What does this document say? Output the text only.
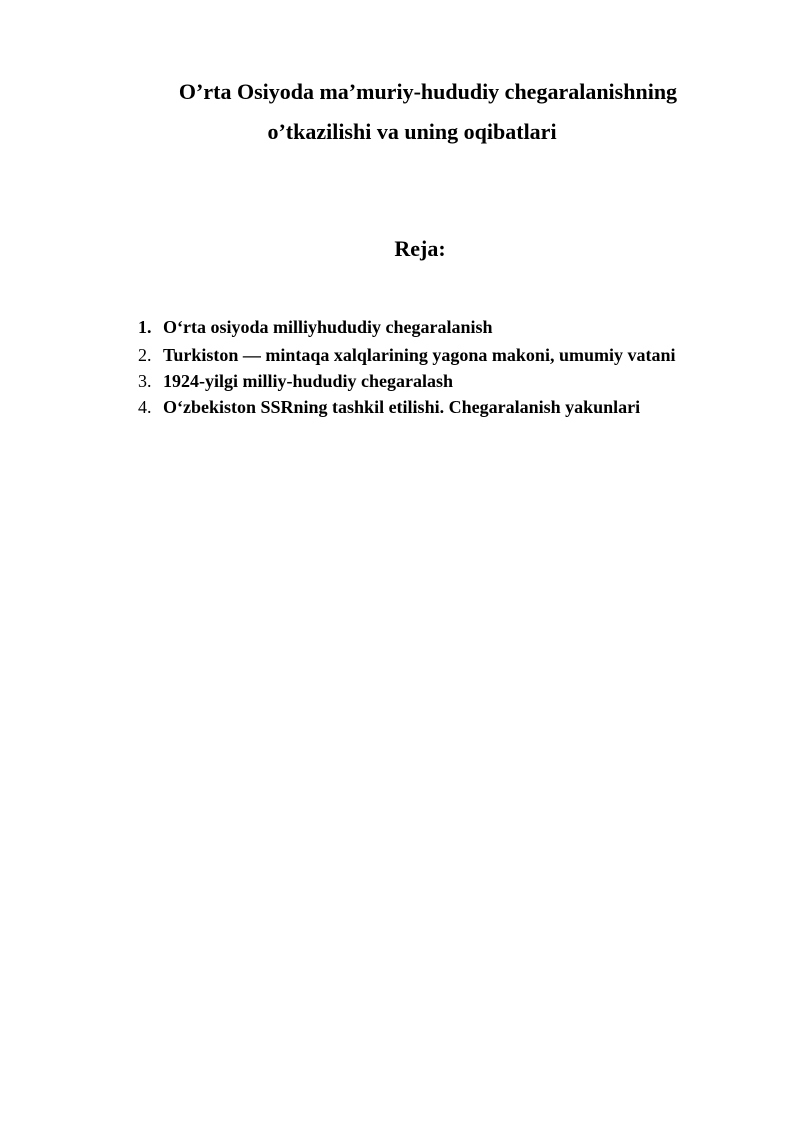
O’rta Osiyoda ma’muriy-hududiy chegaralanishning
o’tkazilishi va uning oqibatlari
Reja:
1. O‘rta osiyoda milliyhududiy chegaralanish
2. Turkiston — mintaqa xalqlarining yagona makoni, umumiy vatani
3. 1924-yilgi milliy-hududiy chegaralash
4. O‘zbekiston SSRning tashkil etilishi. Chegaralanish yakunlari
